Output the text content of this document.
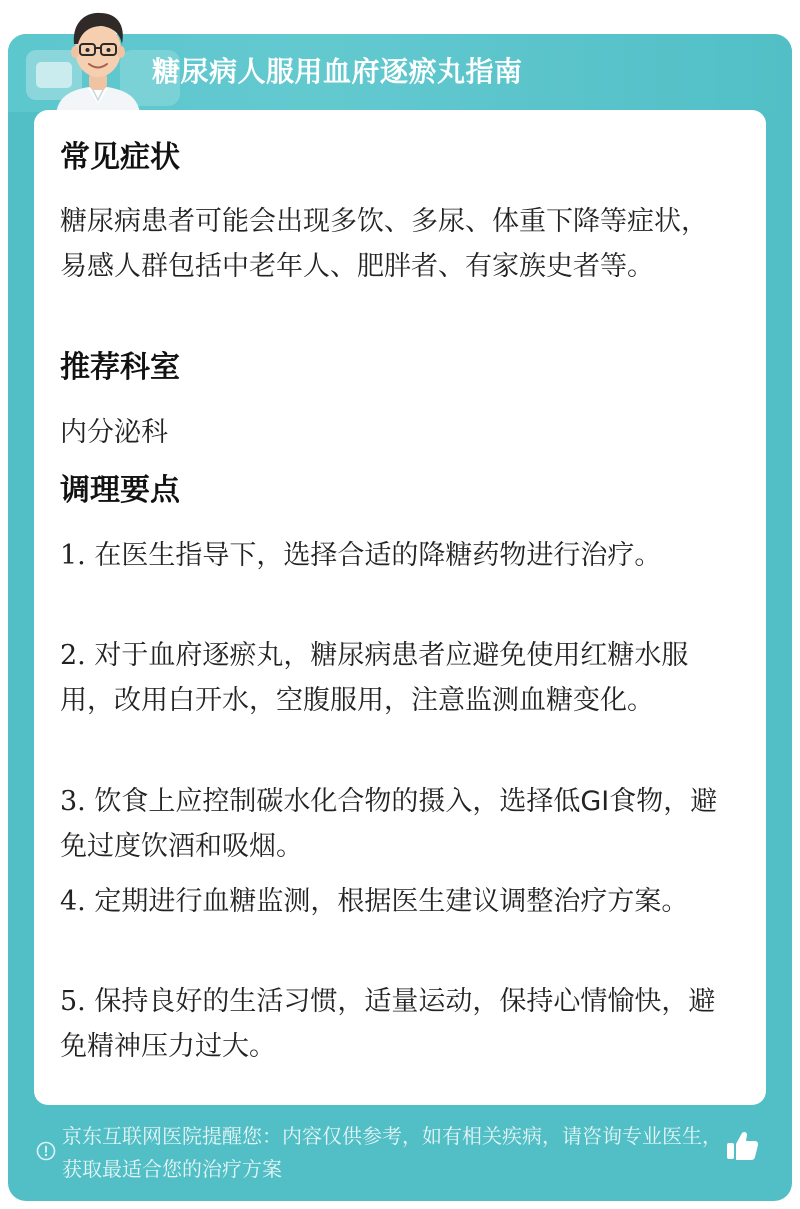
糖尿病人服用血府逐瘀丸指南
常见症状
糖尿病患者可能会出现多饮、多尿、体重下降等症状，易感人群包括中老年人、肥胖者、有家族史者等。
推荐科室
内分泌科
调理要点
1. 在医生指导下，选择合适的降糖药物进行治疗。
2. 对于血府逐瘀丸，糖尿病患者应避免使用红糖水服用，改用白开水，空腹服用，注意监测血糖变化。
3. 饮食上应控制碳水化合物的摄入，选择低GI食物，避免过度饮酒和吸烟。
4. 定期进行血糖监测，根据医生建议调整治疗方案。
5. 保持良好的生活习惯，适量运动，保持心情愉快，避免精神压力过大。
京东互联网医院提醒您：内容仅供参考，如有相关疾病，请咨询专业医生，获取最适合您的治疗方案
